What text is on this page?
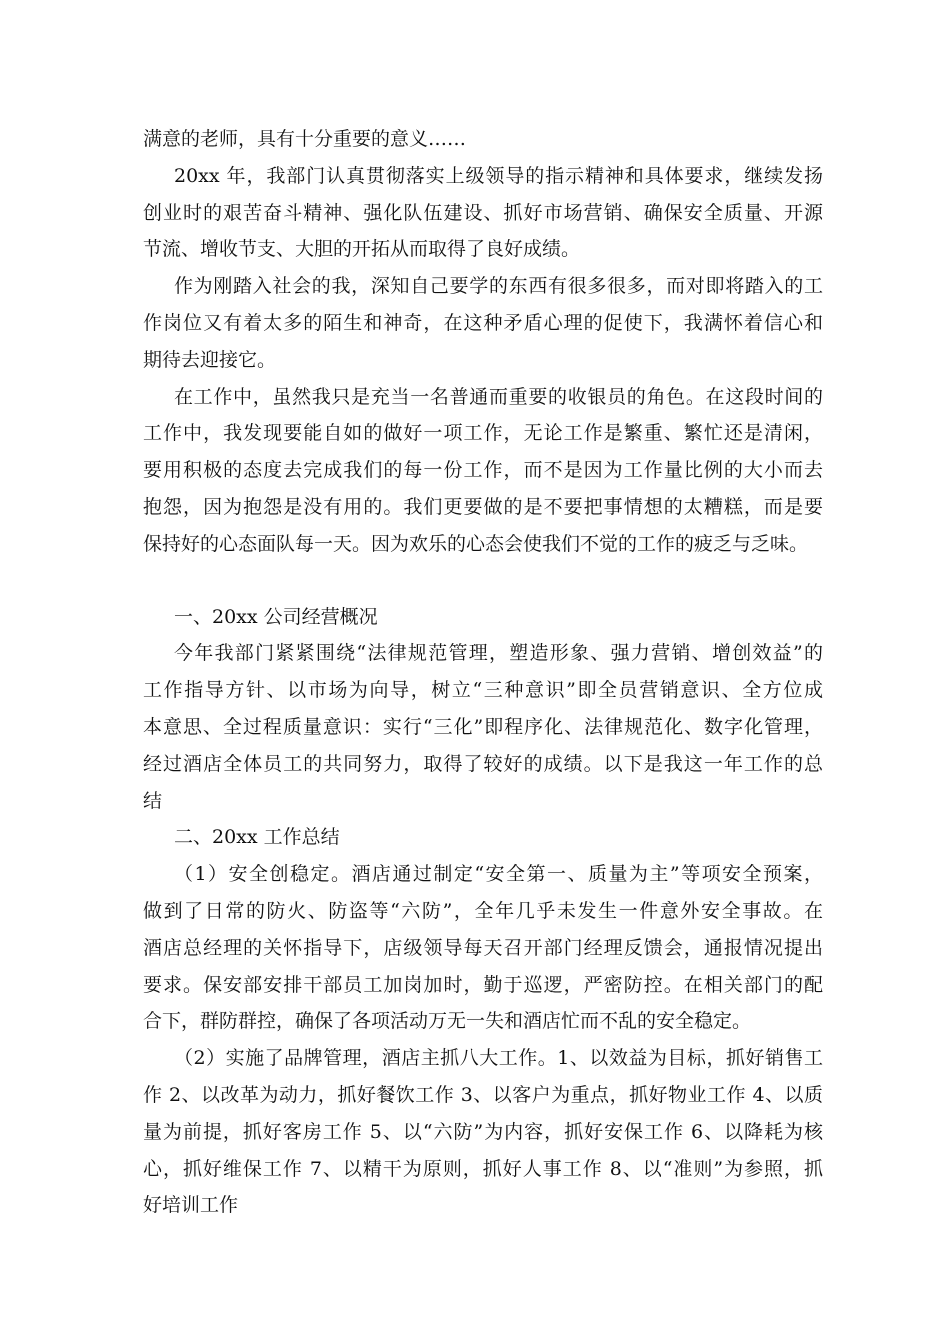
满意的老师，具有十分重要的意义……
20xx 年，我部门认真贯彻落实上级领导的指示精神和具体要求，继续发扬
创业时的艰苦奋斗精神、强化队伍建设、抓好市场营销、确保安全质量、开源
节流、增收节支、大胆的开拓从而取得了良好成绩。
作为刚踏入社会的我，深知自己要学的东西有很多很多，而对即将踏入的工
作岗位又有着太多的陌生和神奇，在这种矛盾心理的促使下，我满怀着信心和
期待去迎接它。
在工作中，虽然我只是充当一名普通而重要的收银员的角色。在这段时间的
工作中，我发现要能自如的做好一项工作，无论工作是繁重、繁忙还是清闲，
要用积极的态度去完成我们的每一份工作，而不是因为工作量比例的大小而去
抱怨，因为抱怨是没有用的。我们更要做的是不要把事情想的太糟糕，而是要
保持好的心态面队每一天。因为欢乐的心态会使我们不觉的工作的疲乏与乏味。
一、20xx 公司经营概况
今年我部门紧紧围绕“法律规范管理，塑造形象、强力营销、增创效益”的
工作指导方针、以市场为向导，树立“三种意识”即全员营销意识、全方位成
本意思、全过程质量意识：实行“三化”即程序化、法律规范化、数字化管理，
经过酒店全体员工的共同努力，取得了较好的成绩。以下是我这一年工作的总
结
二、20xx 工作总结
（1）安全创稳定。酒店通过制定“安全第一、质量为主”等项安全预案，
做到了日常的防火、防盗等“六防”，全年几乎未发生一件意外安全事故。在
酒店总经理的关怀指导下，店级领导每天召开部门经理反馈会，通报情况提出
要求。保安部安排干部员工加岗加时，勤于巡逻，严密防控。在相关部门的配
合下，群防群控，确保了各项活动万无一失和酒店忙而不乱的安全稳定。
（2）实施了品牌管理，酒店主抓八大工作。1、以效益为目标，抓好销售工
作 2、以改革为动力，抓好餐饮工作 3、以客户为重点，抓好物业工作 4、以质
量为前提，抓好客房工作 5、以“六防”为内容，抓好安保工作 6、以降耗为核
心，抓好维保工作 7、以精干为原则，抓好人事工作 8、以“准则”为参照，抓
好培训工作
